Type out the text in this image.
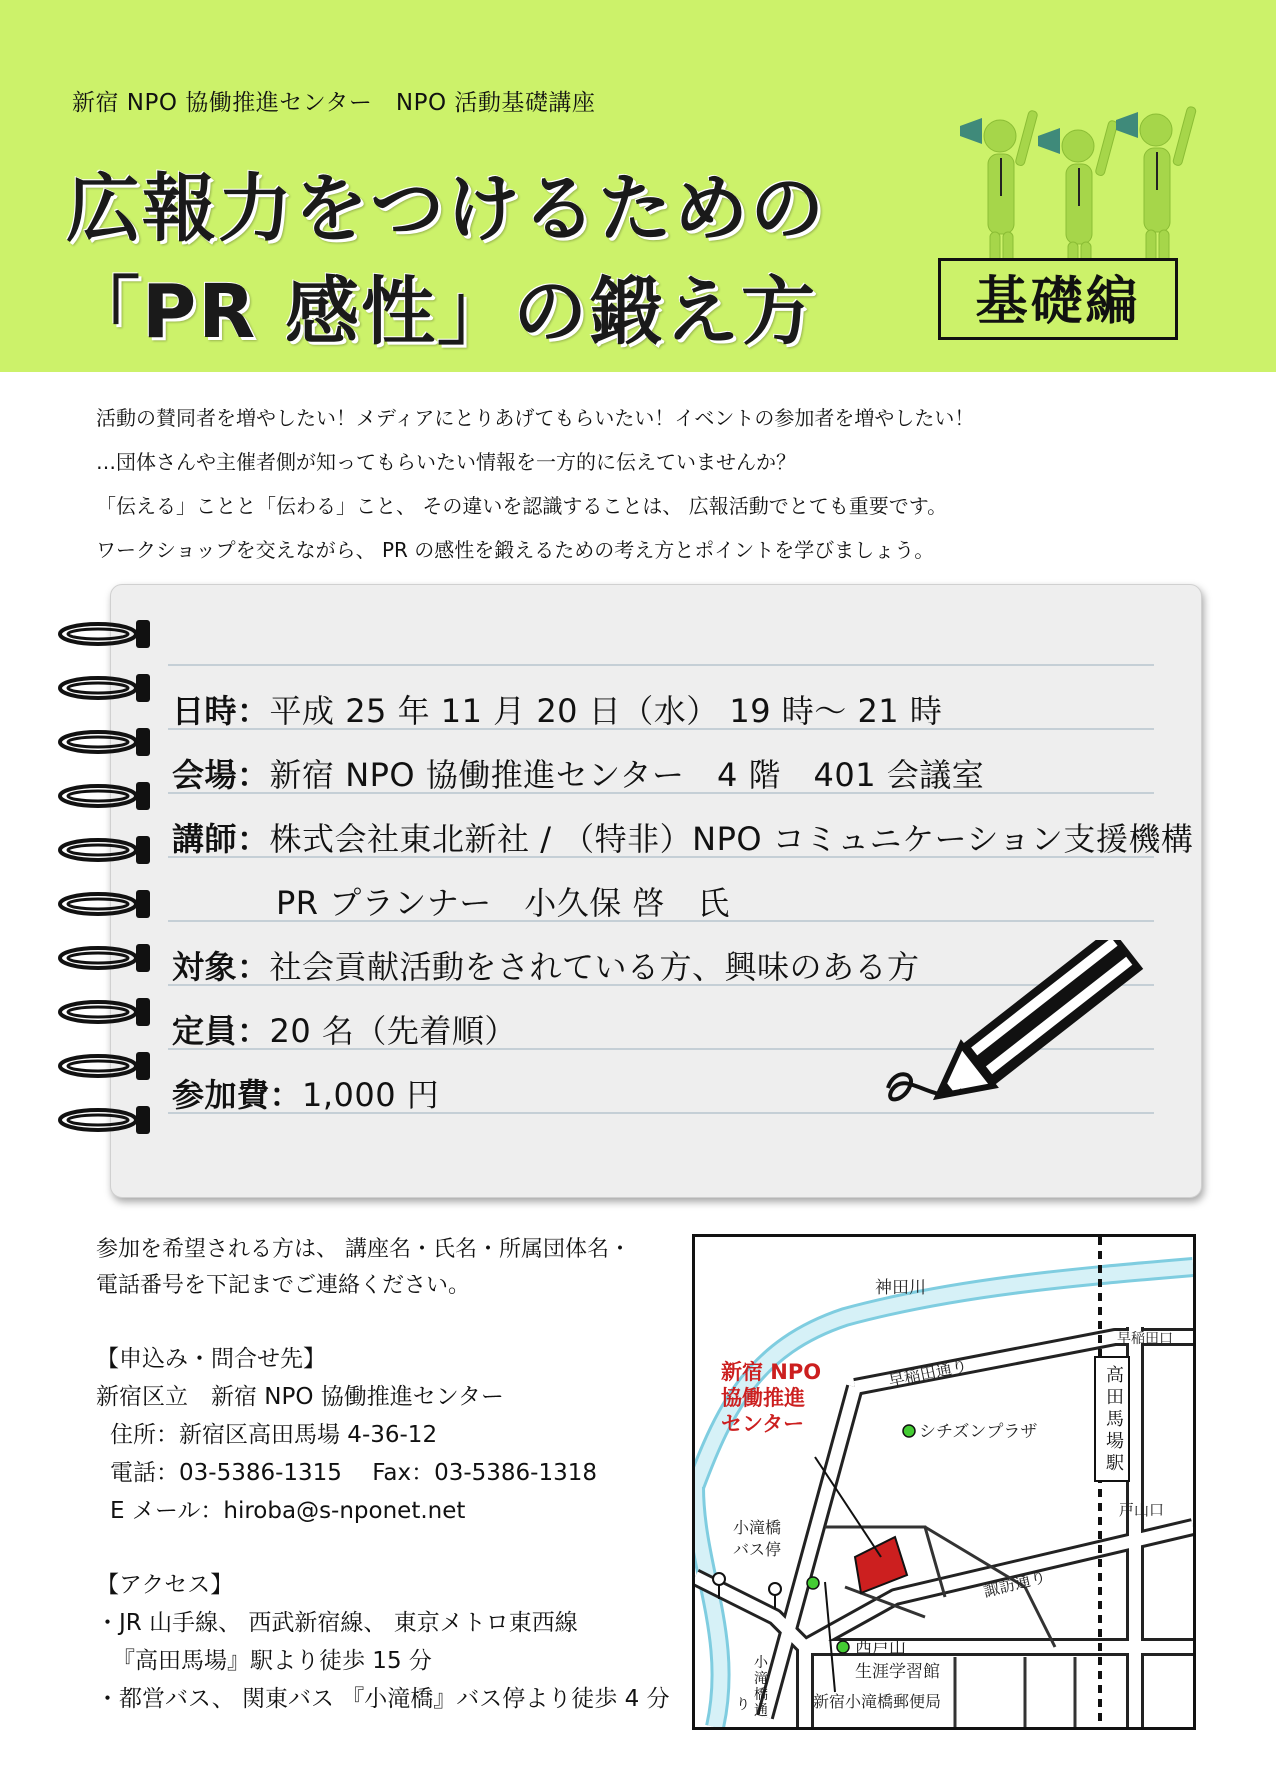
新宿 NPO 協働推進センター　NPO 活動基礎講座
広報力をつけるための
「PR 感性」の鍛え方	基礎編
活動の賛同者を増やしたい！メディアにとりあげてもらいたい！イベントの参加者を増やしたい！
…団体さんや主催者側が知ってもらいたい情報を一方的に伝えていませんか？
「伝える」ことと「伝わる」こと、 その違いを認識することは、 広報活動でとても重要です。
ワークショップを交えながら、 PR の感性を鍛えるための考え方とポイントを学びましょう。
日時：平成 25 年 11 月 20 日（水） 19 時～ 21 時
会場：新宿 NPO 協働推進センター　4 階　401 会議室
講師：株式会社東北新社 / （特非）NPO コミュニケーション支援機構
PR プランナー　小久保 啓　氏
対象：社会貢献活動をされている方、興味のある方
定員：20 名（先着順）
参加費：1,000 円
参加を希望される方は、 講座名・氏名・所属団体名・
電話番号を下記までご連絡ください。
【申込み・問合せ先】
新宿区立　新宿 NPO 協働推進センター
住所：新宿区高田馬場 4-36-12
電話：03-5386-1315　 Fax：03-5386-1318
E メール：hiroba@s-nponet.net
【アクセス】
・JR 山手線、 西武新宿線、 東京メトロ東西線
『高田馬場』駅より徒歩 15 分
・都営バス、 関東バス 『小滝橋』バス停より徒歩 4 分
神田川
早稲田通り
早稲田口
戸山口
新宿 NPO
協働推進
センター	シチズンプラザ
小滝橋
バス停
諏訪通り
西戸山
生涯学習館
新宿小滝橋郵便局
高
田
馬
場
駅
小
滝
橋
通
り
